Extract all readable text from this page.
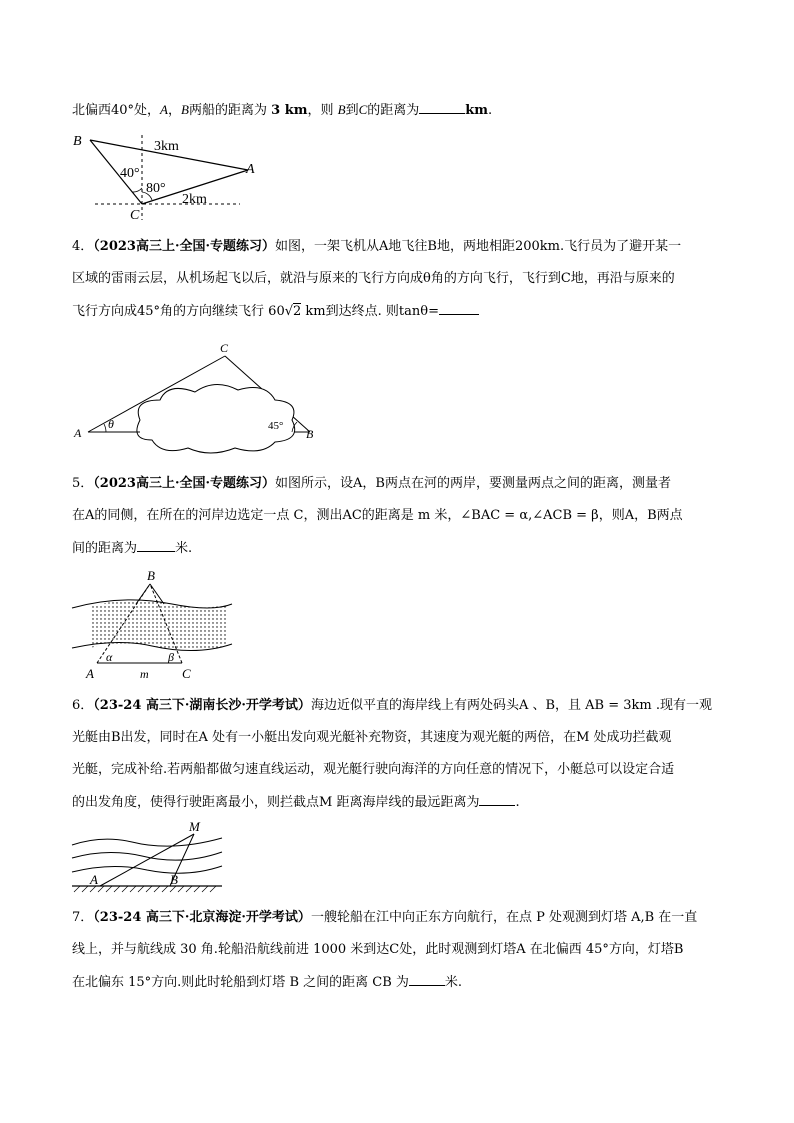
北偏西40°处，A，B两船的距离为 3 km，则 B到C的距离为	km.
B
A
C
3km
40°
80°
2km
4．（2023高三上·全国·专题练习）如图，一架飞机从A地飞往B地，两地相距200km.飞行员为了避开某一
区域的雷雨云层，从机场起飞以后，就沿与原来的飞行方向成θ角的方向飞行，飞行到C地，再沿与原来的
飞行方向成45°角的方向继续飞行 60√2 km到达终点. 则tanθ=
A	B
C
θ	45°
5．（2023高三上·全国·专题练习）如图所示，设A，B两点在河的两岸，要测量两点之间的距离，测量者
在A的同侧，在所在的河岸边选定一点 C，测出AC的距离是 m 米，∠BAC = α,∠ACB = β，则A，B两点
间的距离为	米.
B
A	C
α	β
m
6．（23-24 高三下·湖南长沙·开学考试）海边近似平直的海岸线上有两处码头A 、B，且 AB = 3km .现有一观
光艇由B出发，同时在A 处有一小艇出发向观光艇补充物资，其速度为观光艇的两倍，在M 处成功拦截观
光艇，完成补给.若两船都做匀速直线运动，观光艇行驶向海洋的方向任意的情况下，小艇总可以设定合适
的出发角度，使得行驶距离最小，则拦截点M 距离海岸线的最远距离为	.
M
A	B
7．（23-24 高三下·北京海淀·开学考试）一艘轮船在江中向正东方向航行，在点 P 处观测到灯塔 A,B 在一直
线上，并与航线成 30 角.轮船沿航线前进 1000 米到达C处，此时观测到灯塔A 在北偏西 45°方向，灯塔B
在北偏东 15°方向.则此时轮船到灯塔 B 之间的距离 CB 为	米.
